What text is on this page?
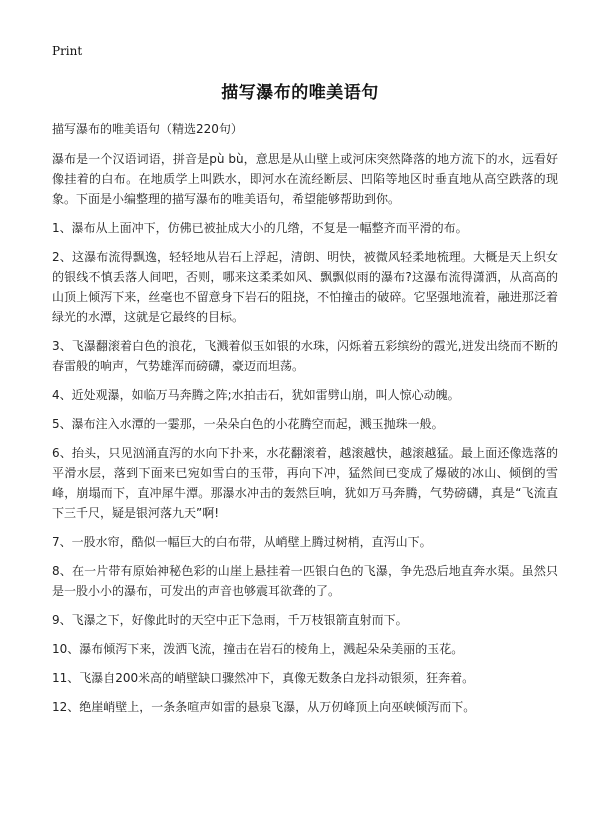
Print
描写瀑布的唯美语句
描写瀑布的唯美语句（精选220句）

瀑布是一个汉语词语，拼音是pù bù，意思是从山壁上或河床突然降落的地方流下的水，远看好像挂着的白布。在地质学上叫跌水，即河水在流经断层、凹陷等地区时垂直地从高空跌落的现象。下面是小编整理的描写瀑布的唯美语句，希望能够帮助到你。

1、瀑布从上面冲下，仿佛已被扯成大小的几绺，不复是一幅整齐而平滑的布。

2、这瀑布流得飘逸，轻轻地从岩石上浮起，清朗、明快，被微风轻柔地梳理。大概是天上织女的银线不慎丢落人间吧，否则，哪来这柔柔如风、飘飘似雨的瀑布?这瀑布流得潇洒，从高高的山顶上倾泻下来，丝毫也不留意身下岩石的阻挠，不怕撞击的破碎。它坚强地流着，融进那泛着绿光的水潭，这就是它最终的目标。

3、飞瀑翻滚着白色的浪花，飞溅着似玉如银的水珠，闪烁着五彩缤纷的霞光,迸发出绕而不断的春雷般的响声，气势雄浑而磅礴，豪迈而坦荡。

4、近处观瀑，如临万马奔腾之阵;水拍击石，犹如雷劈山崩，叫人惊心动魄。

5、瀑布注入水潭的一霎那，一朵朵白色的小花腾空而起，溅玉抛珠一般。

6、抬头，只见汹涌直泻的水向下扑来，水花翻滚着，越滚越快，越滚越猛。最上面还像选落的平滑水层，落到下面来已宛如雪白的玉带，再向下冲，猛然间已变成了爆破的冰山、倾倒的雪峰，崩塌而下，直冲犀牛潭。那瀑水冲击的轰然巨响，犹如万马奔腾，气势磅礴，真是“飞流直下三千尺，疑是银河落九天”啊!

7、一股水帘，酷似一幅巨大的白布带，从峭壁上腾过树梢，直泻山下。

8、在一片带有原始神秘色彩的山崖上悬挂着一匹银白色的飞瀑，争先恐后地直奔水渠。虽然只是一股小小的瀑布，可发出的声音也够震耳欲聋的了。

9、飞瀑之下，好像此时的天空中正下急雨，千万枝银箭直射而下。

10、瀑布倾泻下来，泼洒飞流，撞击在岩石的棱角上，溅起朵朵美丽的玉花。

11、飞瀑自200米高的峭壁缺口骤然冲下，真像无数条白龙抖动银须，狂奔着。

12、绝崖峭壁上，一条条喧声如雷的悬泉飞瀑，从万仞峰顶上向巫峡倾泻而下。
